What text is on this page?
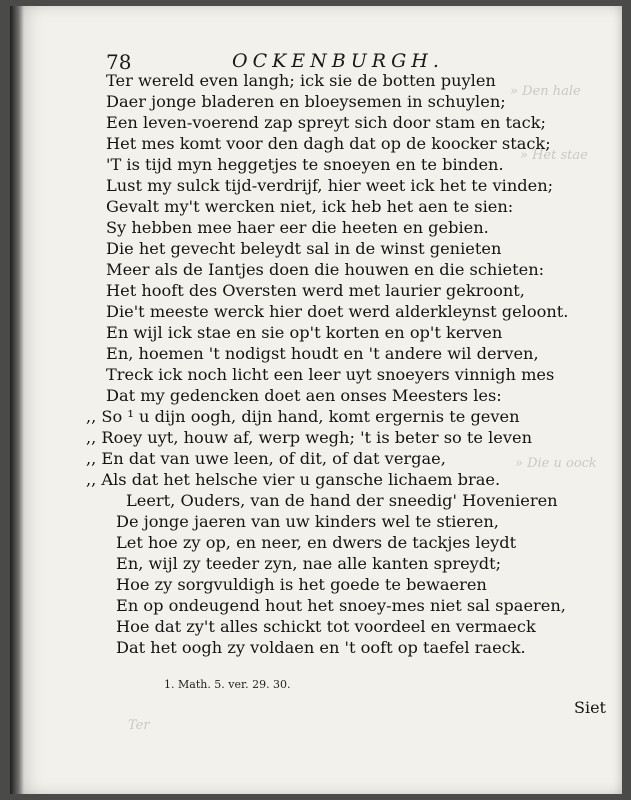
» Den hale
» Het stae
» Die u oock
Ter
78	OCKENBURGH.
Ter wereld even langh; ick sie de botten puylen
Daer jonge bladeren en bloeysemen in schuylen;
Een leven-voerend zap spreyt sich door stam en tack;
Het mes komt voor den dagh dat op de koocker stack;
'T is tijd myn heggetjes te snoeyen en te binden.
Lust my sulck tijd-verdrijf, hier weet ick het te vinden;
Gevalt my't wercken niet, ick heb het aen te sien:
Sy hebben mee haer eer die heeten en gebien.
Die het gevecht beleydt sal in de winst genieten
Meer als de Iantjes doen die houwen en die schieten:
Het hooft des Oversten werd met laurier gekroont,
Die't meeste werck hier doet werd alderkleynst geloont.
En wijl ick stae en sie op't korten en op't kerven
En, hoemen 't nodigst houdt en 't andere wil derven,
Treck ick noch licht een leer uyt snoeyers vinnigh mes
Dat my gedencken doet aen onses Meesters les:
,, So ¹ u dijn oogh, dijn hand, komt ergernis te geven
,, Roey uyt, houw af, werp wegh; 't is beter so te leven
,, En dat van uwe leen, of dit, of dat vergae,
,, Als dat het helsche vier u gansche lichaem brae.
Leert, Ouders, van de hand der sneedig' Hovenieren
De jonge jaeren van uw kinders wel te stieren,
Let hoe zy op, en neer, en dwers de tackjes leydt
En, wijl zy teeder zyn, nae alle kanten spreydt;
Hoe zy sorgvuldigh is het goede te bewaeren
En op ondeugend hout het snoey-mes niet sal spaeren,
Hoe dat zy't alles schickt tot voordeel en vermaeck
Dat het oogh zy voldaen en 't ooft op taefel raeck.
1. Math. 5. ver. 29. 30.
Siet
